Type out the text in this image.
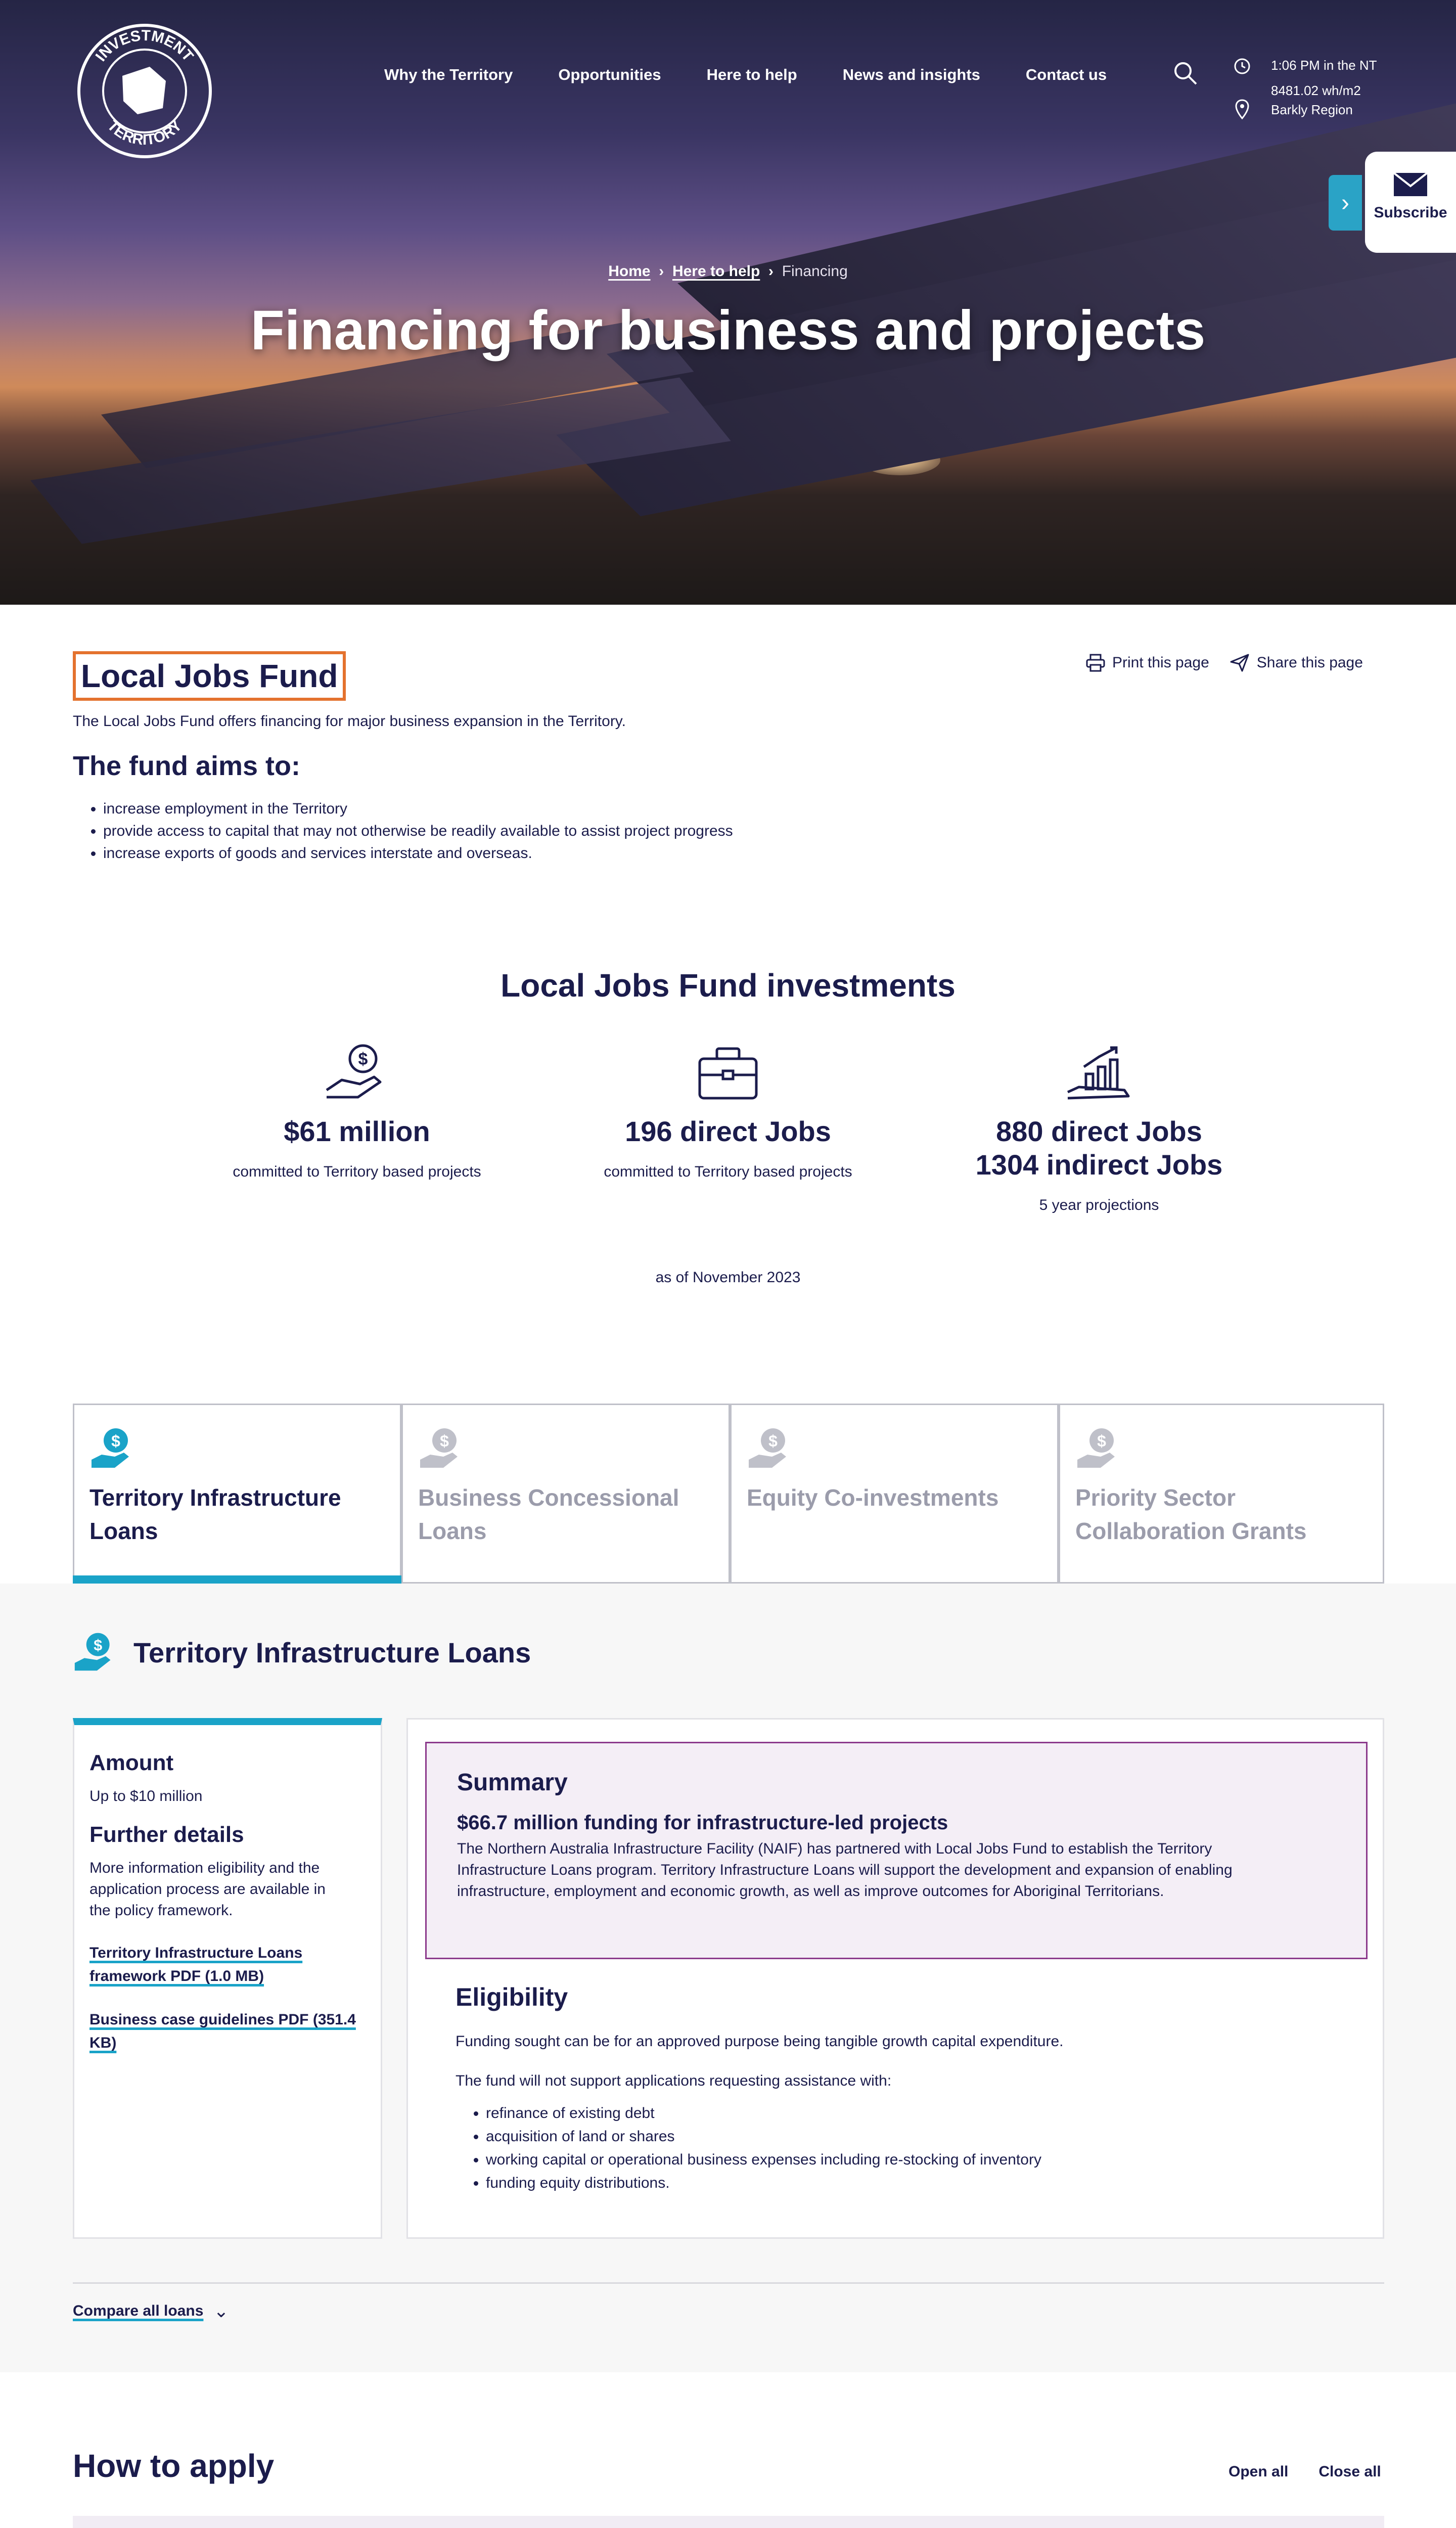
INVESTMENT
TERRITORY
Why the Territory	Opportunities	Here to help	News and insights	Contact us
1:06 PM in the NT
8481.02 wh/m2
Barkly Region
Home  ›  Here to help  ›  Financing
Financing for business and projects
›	Subscribe
Local Jobs Fund	Print this page	Share this page

The Local Jobs Fund offers financing for major business expansion in the Territory.

The fund aims to:
• increase employment in the Territory
• provide access to capital that may not otherwise be readily available to assist project progress
• increase exports of goods and services interstate and overseas.
Local Jobs Fund investments
$
$61 million
committed to Territory based projects
196 direct Jobs
committed to Territory based projects
880 direct Jobs
1304 indirect Jobs
5 year projections

as of November 2023

$
Territory Infrastructure
Loans
$
Business Concessional
Loans
$
Equity Co-investments
$
Priority Sector
Collaboration Grants
$ Territory Infrastructure Loans
Amount

Up to $10 million

Further details

More information eligibility and the

application process are available in

the policy framework.

Territory Infrastructure Loans
framework PDF (1.0 MB)
Business case guidelines PDF (351.4
KB)
Summary
$66.7 million funding for infrastructure-led projects

The Northern Australia Infrastructure Facility (NAIF) has partnered with Local Jobs Fund to establish the Territory

Infrastructure Loans program. Territory Infrastructure Loans will support the development and expansion of enabling

infrastructure, employment and economic growth, as well as improve outcomes for Aboriginal Territorians.

Eligibility

Funding sought can be for an approved purpose being tangible growth capital expenditure.

The fund will not support applications requesting assistance with:

• refinance of existing debt
• acquisition of land or shares
• working capital or operational business expenses including re-stocking of inventory
• funding equity distributions.
Compare all loans ⌄
How to apply	Open all Close all
